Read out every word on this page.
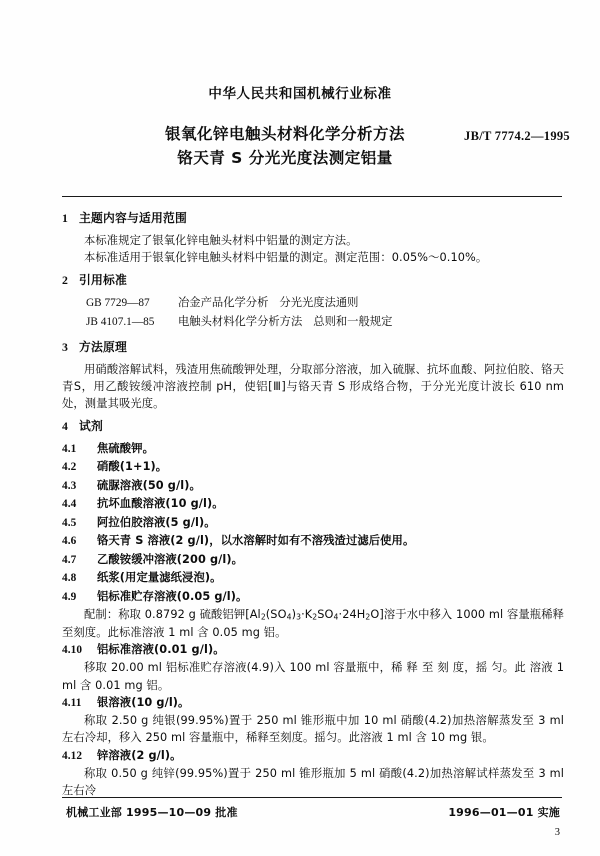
中华人民共和国机械行业标准
银氧化锌电触头材料化学分析方法
铬天青 S 分光光度法测定铝量
JB/T 7774.2—1995
1 主题内容与适用范围

本标准规定了银氧化锌电触头材料中铝量的测定方法。

本标准适用于银氧化锌电触头材料中铝量的测定。测定范围：0.05%～0.10%。

2 引用标准
GB 7729—87	冶金产品化学分析 分光光度法通则
JB 4107.1—85 电触头材料化学分析方法 总则和一般规定
3 方法原理

用硝酸溶解试料，残渣用焦硫酸钾处理，分取部分溶液，加入硫脲、抗坏血酸、阿拉伯胶、铬天青S，用乙酸铵缓冲溶液控制 pH，使铝[Ⅲ]与铬天青 S 形成络合物，于分光光度计波长 610 nm 处，测量其吸光度。

4 试剂

4.1 焦硫酸钾。

4.2 硝酸(1+1)。

4.3 硫脲溶液(50 g/l)。

4.4 抗坏血酸溶液(10 g/l)。

4.5 阿拉伯胶溶液(5 g/l)。

4.6 铬天青 S 溶液(2 g/l)，以水溶解时如有不溶残渣过滤后使用。

4.7 乙酸铵缓冲溶液(200 g/l)。

4.8 纸浆(用定量滤纸浸泡)。

4.9 铝标准贮存溶液(0.05 g/l)。

配制：称取 0.8792 g 硫酸铝钾$[Al_2(SO_4)_3\cdot K_2SO_4\cdot 24H_2O]$溶于水中移入 1000 ml 容量瓶稀释至刻度。此标准溶液 1 ml 含 0.05 mg 铝。

4.10 铝标准溶液(0.01 g/l)。

移取 20.00 ml 铝标准贮存溶液(4.9)入 100 ml 容量瓶中，稀 释 至 刻 度，摇 匀。此 溶液 1 ml 含 0.01 mg 铝。

4.11 银溶液(10 g/l)。

称取 2.50 g 纯银(99.95%)置于 250 ml 锥形瓶中加 10 ml 硝酸(4.2)加热溶解蒸发至 3 ml 左右冷却，移入 250 ml 容量瓶中，稀释至刻度。摇匀。此溶液 1 ml 含 10 mg 银。

4.12 锌溶液(2 g/l)。

称取 0.50 g 纯锌(99.95%)置于 250 ml 锥形瓶加 5 ml 硝酸(4.2)加热溶解试样蒸发至 3 ml 左右冷

机械工业部 1995—10—09 批准	1996—01—01 实施
3
